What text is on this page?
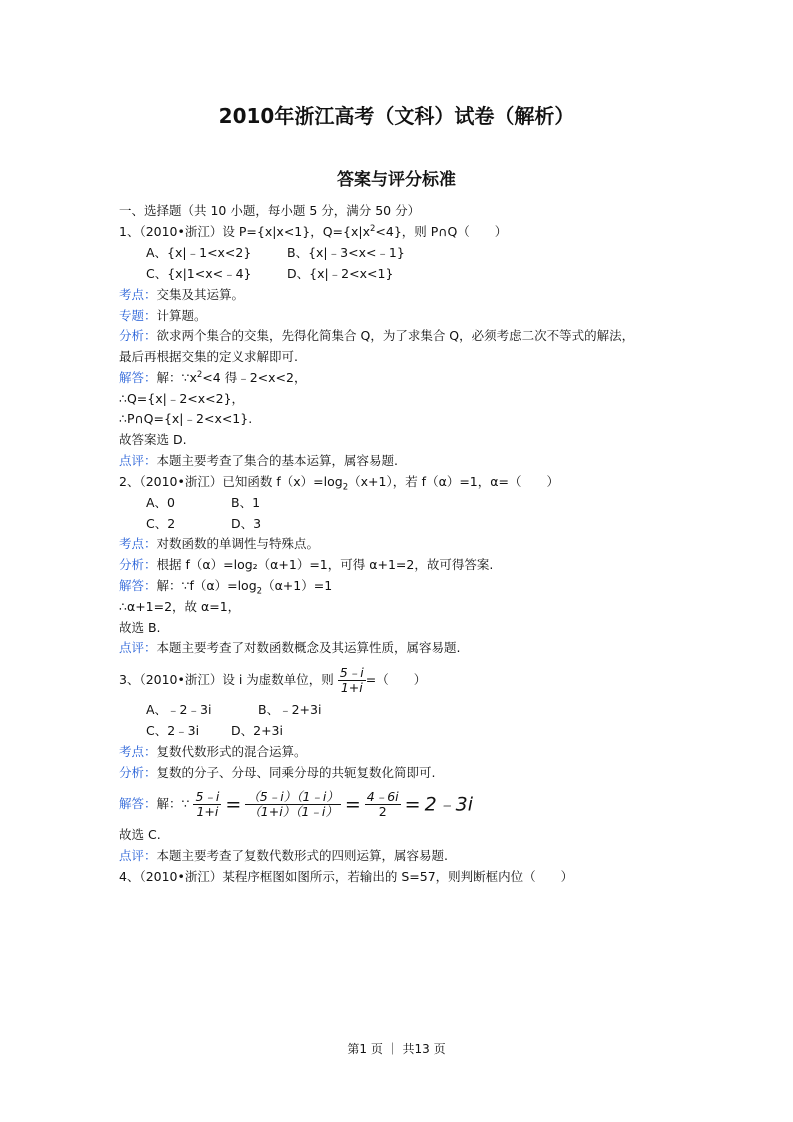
2010年浙江高考（文科）试卷（解析）
答案与评分标准
一、选择题（共 10 小题，每小题 5 分，满分 50 分）
1、（2010•浙江）设 P={x|x<1}，$Q=\{x|x^2<4\}$，则 P∩Q（　　）
A、{x|﹣1<x<2}	B、{x|﹣3<x<﹣1}
C、{x|1<x<﹣4}	D、{x|﹣2<x<1}
考点：交集及其运算。
专题：计算题。
分析：欲求两个集合的交集，先得化简集合 Q，为了求集合 Q，必须考虑二次不等式的解法，
最后再根据交集的定义求解即可.
解答：解：$\because x^2<4$ 得﹣2<x<2，
∴Q={x|﹣2<x<2}，
∴P∩Q={x|﹣2<x<1}.
故答案选 D.
点评：本题主要考查了集合的基本运算，属容易题.
2、（2010•浙江）已知函数 $f(x)=\log_2(x+1)$，若 f（α）=1，α=（　　）
A、0	B、1
C、2	D、3
考点：对数函数的单调性与特殊点。
分析：根据 f（α）=log₂（α+1）=1，可得 α+1=2，故可得答案.
解答：解：$\because f(\alpha)=\log_2(\alpha+1)=1$
∴α+1=2，故 α=1，
故选 B.
点评：本题主要考查了对数函数概念及其运算性质，属容易题.
3、（2010•浙江）设 i 为虚数单位，则 $\frac{5﹣i}{1+i}$ =（　　）
A、﹣2﹣3i	B、﹣2+3i
C、2﹣3i	D、2+3i
考点：复数代数形式的混合运算。
分析：复数的分子、分母、同乘分母的共轭复数化简即可.
解答：解：∵ $\frac{5﹣i}{1+i} = \frac{(5﹣i)(1﹣i)}{(1+i)(1﹣i)} = \frac{4﹣6i}{2}$ = 2﹣3i
故选 C.
点评：本题主要考查了复数代数形式的四则运算，属容易题.
4、（2010•浙江）某程序框图如图所示，若输出的 S=57，则判断框内位（　　）
第1 页 ｜ 共13 页
